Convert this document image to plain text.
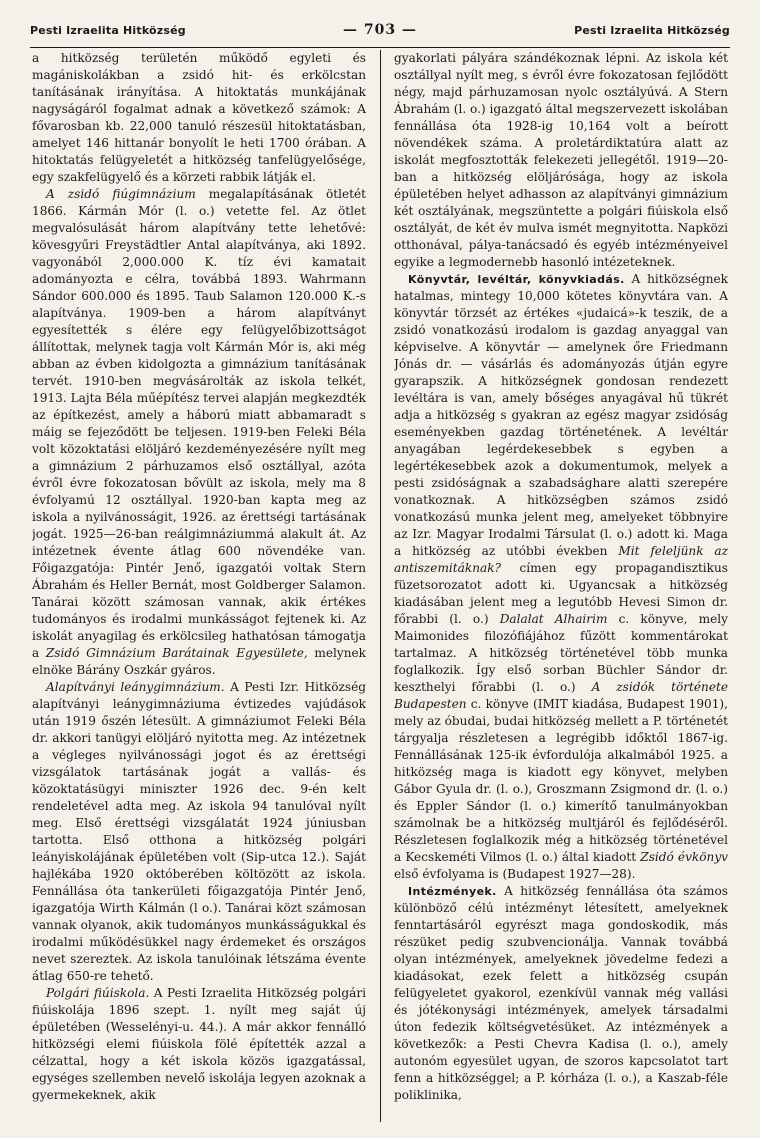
Pesti Izraelita Hitközség	— 703 —	Pesti Izraelita Hitközség

a hitközség területén működő egyleti és magániskolákban a zsidó hit- és erkölcstan tanításának irányítása. A hitoktatás munkájának nagyságáról fogalmat adnak a következő számok: A fővarosban kb. 22,000 tanuló részesül hitoktatásban, amelyet 146 hittanár bonyolít le heti 1700 órában. A hitoktatás felügyeletét a hitközség tanfelügyelősége, egy szakfelügyelő és a körzeti rabbik látják el.

A zsidó fiúgimnázium megalapításának ötletét 1866. Kármán Mór (l. o.) vetette fel. Az ötlet megvalósulását három alapítvány tette lehetővé: kövesgyűri Freystädtler Antal alapítványa, aki 1892. vagyonából 2,000.000 K. tíz évi kamatait adományozta e célra, továbbá 1893. Wahrmann Sándor 600.000 és 1895. Taub Salamon 120.000 K.-s alapítványa. 1909-ben a három alapítványt egyesítették s élére egy felügyelőbizottságot állítottak, melynek tagja volt Kármán Mór is, aki még abban az évben kidolgozta a gimnázium tanításának tervét. 1910-ben megvásárolták az iskola telkét, 1913. Lajta Béla műépítész tervei alapján megkezdték az építkezést, amely a háború miatt abbamaradt s máig se fejeződött be teljesen. 1919-ben Feleki Béla volt közoktatási elöljáró kezdeményezésére nyílt meg a gimnázium 2 párhuzamos első osztállyal, azóta évről évre fokozatosan bővült az iskola, mely ma 8 évfolyamú 12 osztállyal. 1920-ban kapta meg az iskola a nyilvánosságit, 1926. az érettségi tartásának jogát. 1925—26-ban reálgimnáziummá alakult át. Az intézetnek évente átlag 600 növendéke van. Főigazgatója: Pintér Jenő, igazgatói voltak Stern Ábrahám és Heller Bernát, most Goldberger Salamon. Tanárai között számosan vannak, akik értékes tudományos és irodalmi munkásságot fejtenek ki. Az iskolát anyagilag és erkölcsileg hathatósan támogatja a Zsidó Gimnázium Barátainak Egyesülete, melynek elnöke Bárány Oszkár gyáros.

Alapítványi leánygimnázium. A Pesti Izr. Hitközség alapítványi leánygimnáziuma évtizedes vajúdások után 1919 őszén létesült. A gimnáziumot Feleki Béla dr. akkori tanügyi elöljáró nyitotta meg. Az intézetnek a végleges nyilvánossági jogot és az érettségi vizsgálatok tartásának jogát a vallás- és közoktatásügyi miniszter 1926 dec. 9-én kelt rendeletével adta meg. Az iskola 94 tanulóval nyílt meg. Első érettségi vizsgálatát 1924 júniusban tartotta. Első otthona a hitközség polgári leányiskolájának épületében volt (Sip-utca 12.). Saját hajlékába 1920 októberében költözött az iskola. Fennállása óta tankerületi főigazgatója Pintér Jenő, igazgatója Wirth Kálmán (l o.). Tanárai közt számosan vannak olyanok, akik tudományos munkásságukkal és irodalmi működésükkel nagy érdemeket és országos nevet szereztek. Az iskola tanulóinak létszáma évente átlag 650-re tehető.

Polgári fiúiskola. A Pesti Izraelita Hitközség polgári fiúiskolája 1896 szept. 1. nyílt meg saját új épületében (Wesselényi-u. 44.). A már akkor fennálló hitközségi elemi fiúiskola fölé építették azzal a célzattal, hogy a két iskola közös igazgatással, egységes szellemben nevelő iskolája legyen azoknak a gyermekeknek, akik

gyakorlati pályára szándékoznak lépni. Az iskola két osztállyal nyílt meg, s évről évre fokozatosan fejlődött négy, majd párhuzamosan nyolc osztályúvá. A Stern Ábrahám (l. o.) igazgató által megszervezett iskolában fennállása óta 1928-ig 10,164 volt a beírott növendékek száma. A proletárdiktatúra alatt az iskolát megfosztották felekezeti jellegétől. 1919—20-ban a hitközség elöljárósága, hogy az iskola épületében helyet adhasson az alapítványi gimnázium két osztályának, megszüntette a polgári fiúiskola első osztályát, de két év mulva ismét megnyitotta. Napközi otthonával, pálya-tanácsadó és egyéb intézményeivel egyike a legmodernebb hasonló intézeteknek.

Könyvtár, levéltár, könyvkiadás. A hitközségnek hatalmas, mintegy 10,000 kötetes könyvtára van. A könyvtár törzsét az értékes «judaicá»-k teszik, de a zsidó vonatkozású irodalom is gazdag anyaggal van képviselve. A könyvtár — amelynek őre Friedmann Jónás dr. — vásárlás és adományozás útján egyre gyarapszik. A hitközségnek gondosan rendezett levéltára is van, amely bőséges anyagával hű tükrét adja a hitközség s gyakran az egész magyar zsidóság eseményekben gazdag történetének. A levéltár anyagában legérdekesebbek s egyben a legértékesebbek azok a dokumentumok, melyek a pesti zsidóságnak a szabadsághare alatti szerepére vonatkoznak. A hitközségben számos zsidó vonatkozású munka jelent meg, amelyeket többnyire az Izr. Magyar Irodalmi Társulat (l. o.) adott ki. Maga a hitközség az utóbbi években Mit feleljünk az antiszemitáknak? címen egy propagandisztikus füzetsorozatot adott ki. Ugyancsak a hitközség kiadásában jelent meg a legutóbb Hevesi Simon dr. főrabbi (l. o.) Dalalat Alhairim c. könyve, mely Maimonides filozófiájához fűzött kommentárokat tartalmaz. A hitközség történetével több munka foglalkozik. Így első sorban Büchler Sándor dr. keszthelyi főrabbi (l. o.) A zsidók története Budapesten c. könyve (IMIT kiadása, Budapest 1901), mely az óbudai, budai hitközség mellett a P. történetét tárgyalja részletesen a legrégibb időktől 1867-ig. Fennállásának 125-ik évfordulója alkalmából 1925. a hitközség maga is kiadott egy könyvet, melyben Gábor Gyula dr. (l. o.), Groszmann Zsigmond dr. (l. o.) és Eppler Sándor (l. o.) kimerítő tanulmányokban számolnak be a hitközség multjáról és fejlődéséről. Részletesen foglalkozik még a hitközség történetével a Kecskeméti Vilmos (l. o.) által kiadott Zsidó évkönyv első évfolyama is (Budapest 1927—28).

Intézmények. A hitközség fennállása óta számos különböző célú intézményt létesített, amelyeknek fenntartásáról egyrészt maga gondoskodik, más részüket pedig szubvencionálja. Vannak továbbá olyan intézmények, amelyeknek jövedelme fedezi a kiadásokat, ezek felett a hitközség csupán felügyeletet gyakorol, ezenkívül vannak még vallási és jótékonysági intézmények, amelyek társadalmi úton fedezik költségvetésüket. Az intézmények a következők: a Pesti Chevra Kadisa (l. o.), amely autonóm egyesület ugyan, de szoros kapcsolatot tart fenn a hitközséggel; a P. kórháza (l. o.), a Kaszab-féle poliklinika,
